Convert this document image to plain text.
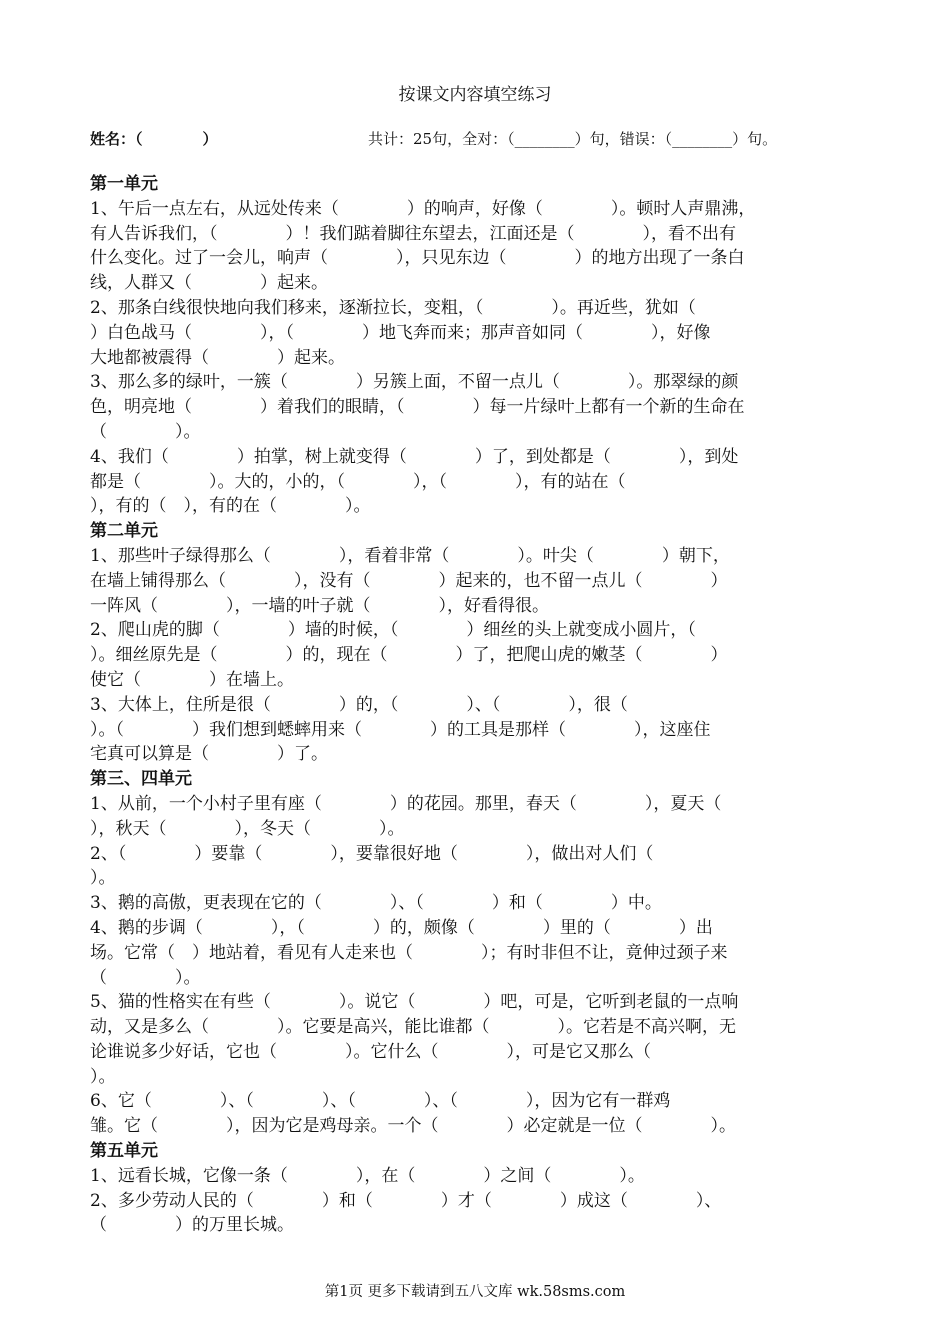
按课文内容填空练习
姓名：（　　　　）	共计：25句，全对：（________）句，错误：（________）句。
第一单元
1、午后一点左右，从远处传来（　　　　）的响声，好像（　　　　）。顿时人声鼎沸，
有人告诉我们，（　　　　）！我们踮着脚往东望去，江面还是（　　　　），看不出有
什么变化。过了一会儿，响声（　　　　），只见东边（　　　　）的地方出现了一条白
线，人群又（　　　　）起来。
2、那条白线很快地向我们移来，逐渐拉长，变粗，（　　　　）。再近些，犹如（
）白色战马（　　　　），（　　　　）地飞奔而来；那声音如同（　　　　），好像
大地都被震得（　　　　）起来。
3、那么多的绿叶，一簇（　　　　）另簇上面，不留一点儿（　　　　）。那翠绿的颜
色，明亮地（　　　　）着我们的眼睛，（　　　　）每一片绿叶上都有一个新的生命在
（　　　　）。
4、我们（　　　　）拍掌，树上就变得（　　　　）了，到处都是（　　　　），到处
都是（　　　　）。大的，小的，（　　　　），（　　　　），有的站在（
），有的（　），有的在（　　　　）。
第二单元
1、那些叶子绿得那么（　　　　），看着非常（　　　　）。叶尖（　　　　）朝下，
在墙上铺得那么（　　　　），没有（　　　　）起来的，也不留一点儿（　　　　）
一阵风（　　　　），一墙的叶子就（　　　　），好看得很。
2、爬山虎的脚（　　　　）墙的时候，（　　　　）细丝的头上就变成小圆片，（
）。细丝原先是（　　　　）的，现在（　　　　）了，把爬山虎的嫩茎（　　　　）
使它（　　　　）在墙上。
3、大体上，住所是很（　　　　）的，（　　　　）、（　　　　），很（
）。（　　　　）我们想到蟋蟀用来（　　　　）的工具是那样（　　　　），这座住
宅真可以算是（　　　　）了。
第三、四单元
1、从前，一个小村子里有座（　　　　）的花园。那里，春天（　　　　），夏天（
），秋天（　　　　），冬天（　　　　）。
2、（　　　　）要靠（　　　　），要靠很好地（　　　　），做出对人们（
）。
3、鹅的高傲，更表现在它的（　　　　）、（　　　　）和（　　　　）中。
4、鹅的步调（　　　　），（　　　　）的，颇像（　　　　）里的（　　　　）出
场。它常（　）地站着，看见有人走来也（　　　　）；有时非但不让，竟伸过颈子来
（　　　　）。
5、猫的性格实在有些（　　　　）。说它（　　　　）吧，可是，它听到老鼠的一点响
动，又是多么（　　　　）。它要是高兴，能比谁都（　　　　）。它若是不高兴啊，无
论谁说多少好话，它也（　　　　）。它什么（　　　　），可是它又那么（
）。
6、它（　　　　）、（　　　　）、（　　　　）、（　　　　），因为它有一群鸡
雏。它（　　　　），因为它是鸡母亲。一个（　　　　）必定就是一位（　　　　）。
第五单元
1、远看长城，它像一条（　　　　），在（　　　　）之间（　　　　）。
2、多少劳动人民的（　　　　）和（　　　　）才（　　　　）成这（　　　　）、
（　　　　）的万里长城。
第1页 更多下载请到五八文库 wk.58sms.com
